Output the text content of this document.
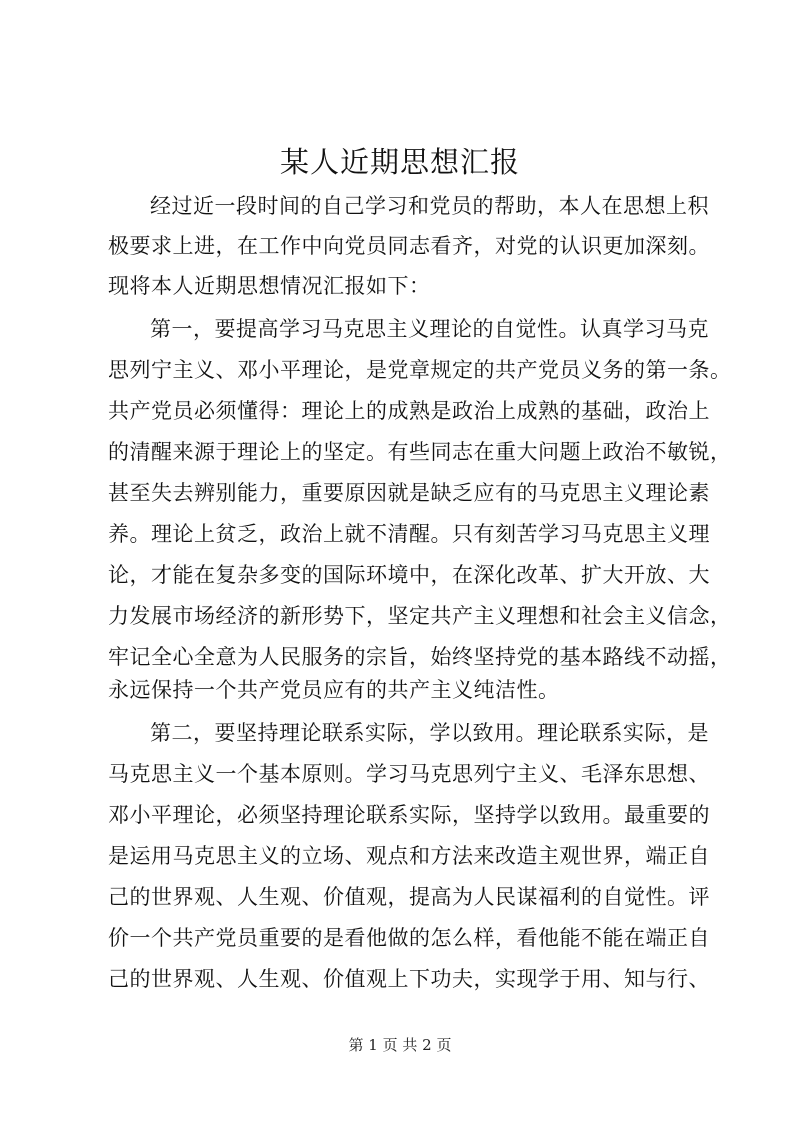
某人近期思想汇报
经过近一段时间的自己学习和党员的帮助，本人在思想上积
极要求上进，在工作中向党员同志看齐，对党的认识更加深刻。
现将本人近期思想情况汇报如下：
第一，要提高学习马克思主义理论的自觉性。认真学习马克
思列宁主义、邓小平理论，是党章规定的共产党员义务的第一条。
共产党员必须懂得：理论上的成熟是政治上成熟的基础，政治上
的清醒来源于理论上的坚定。有些同志在重大问题上政治不敏锐，
甚至失去辨别能力，重要原因就是缺乏应有的马克思主义理论素
养。理论上贫乏，政治上就不清醒。只有刻苦学习马克思主义理
论，才能在复杂多变的国际环境中，在深化改革、扩大开放、大
力发展市场经济的新形势下，坚定共产主义理想和社会主义信念，
牢记全心全意为人民服务的宗旨，始终坚持党的基本路线不动摇，
永远保持一个共产党员应有的共产主义纯洁性。
第二，要坚持理论联系实际，学以致用。理论联系实际，是
马克思主义一个基本原则。学习马克思列宁主义、毛泽东思想、
邓小平理论，必须坚持理论联系实际，坚持学以致用。最重要的
是运用马克思主义的立场、观点和方法来改造主观世界，端正自
己的世界观、人生观、价值观，提高为人民谋福利的自觉性。评
价一个共产党员重要的是看他做的怎么样，看他能不能在端正自
己的世界观、人生观、价值观上下功夫，实现学于用、知与行、
第 1 页 共 2 页
